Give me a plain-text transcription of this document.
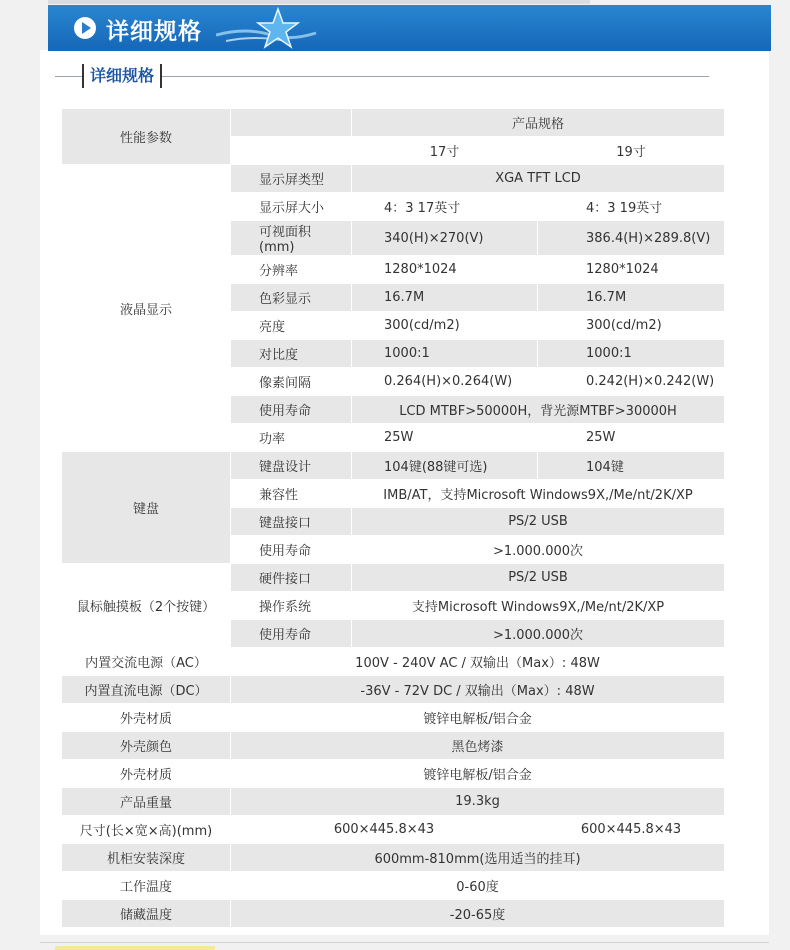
详细规格
详细规格
性能参数		产品规格	
		17寸	19寸
液晶显示	显示屏类型	XGA TFT LCD	
	显示屏大小	4：3 17英寸	4：3 19英寸
	可视面积(mm)	340(H)×270(V)	386.4(H)×289.8(V)
	分辨率	1280*1024	1280*1024
	色彩显示	16.7M	16.7M
	亮度	300(cd/m2)	300(cd/m2)
	对比度	1000:1	1000:1
	像素间隔	0.264(H)×0.264(W)	0.242(H)×0.242(W)
	使用寿命	LCD MTBF>50000H，背光源MTBF>30000H	
	功率	25W	25W
键盘	键盘设计	104键(88键可选)	104键
	兼容性	IMB/AT，支持Microsoft Windows9X,/Me/nt/2K/XP	
	键盘接口	PS/2 USB	
	使用寿命	>1.000.000次	
鼠标触摸板（2个按键）	硬件接口	PS/2 USB	
	操作系统	支持Microsoft Windows9X,/Me/nt/2K/XP	
	使用寿命	>1.000.000次	
内置交流电源（AC）	100V - 240V AC / 双输出（Max）: 48W		
内置直流电源（DC）	-36V - 72V DC / 双输出（Max）: 48W		
外壳材质	镀锌电解板/铝合金		
外壳颜色	黑色烤漆		
外壳材质	镀锌电解板/铝合金		
产品重量	19.3kg		
尺寸(长×宽×高)(mm)	600×445.8×43		600×445.8×43
机柜安装深度	600mm-810mm(选用适当的挂耳)		
工作温度	0-60度		
储藏温度	-20-65度		
